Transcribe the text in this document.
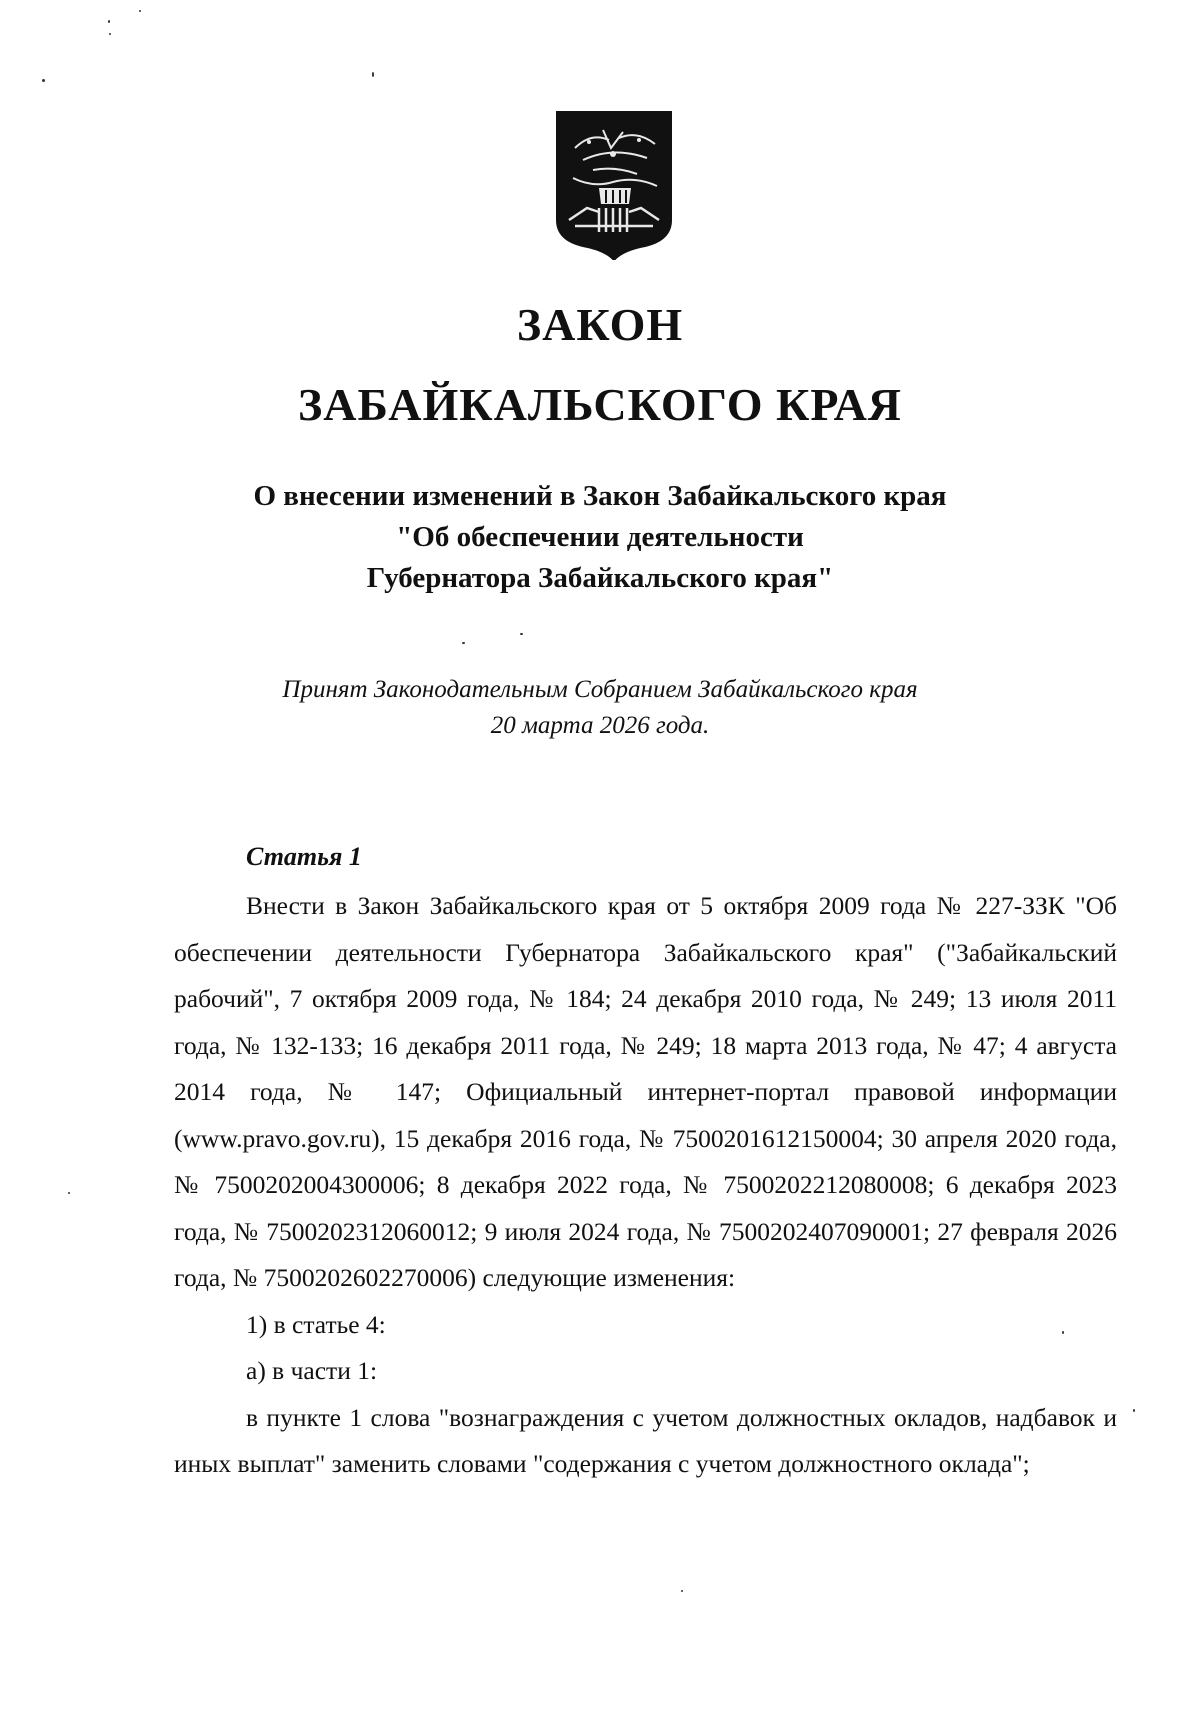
ЗАКОН
ЗАБАЙКАЛЬСКОГО КРАЯ
О внесении изменений в Закон Забайкальского края
"Об обеспечении деятельности
Губернатора Забайкальского края"
Принят Законодательным Собранием Забайкальского края
20 марта 2026 года.
Статья 1

Внести в Закон Забайкальского края от 5 октября 2009 года № 227-ЗЗК "Об обеспечении деятельности Губернатора Забайкальского края" ("Забайкальский рабочий", 7 октября 2009 года, № 184; 24 декабря 2010 года, № 249; 13 июля 2011 года, № 132-133; 16 декабря 2011 года, № 249; 18 марта 2013 года, № 47; 4 августа 2014 года, № 147; Официальный интернет-портал правовой информации (www.pravo.gov.ru), 15 декабря 2016 года, № 7500201612150004; 30 апреля 2020 года, № 7500202004300006; 8 декабря 2022 года, № 7500202212080008; 6 декабря 2023 года, № 7500202312060012; 9 июля 2024 года, № 7500202407090001; 27 февраля 2026 года, № 7500202602270006) следующие изменения:

1) в статье 4:

а) в части 1:

в пункте 1 слова "вознаграждения с учетом должностных окладов, надбавок и иных выплат" заменить словами "содержания с учетом должностного оклада";
